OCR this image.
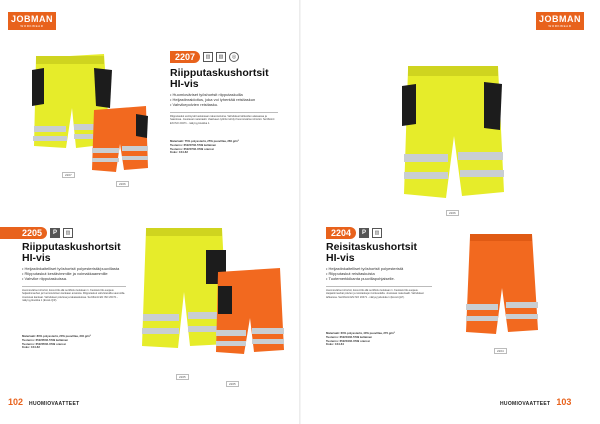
JOBMAN
WORKWEAR
2207
2206
2205	P	▥
Riipputaskushortsit
HI-vis
• Heijastinkaitelliset työshortsit polyesteristä/puuvillasta
• Riipputaskut kestävimmille ja voimakkaammille
• Vahvike riipputaskuissa.

Huomioväriset shortsit, Excel-CE-HE sertifioitu luokkaan 1. Kestävä CE-suojaus heijastinnauhan ja huomiovärisen kankaan ansiosta. Riipputaskut vahvistetuilla saumoilla. Joustavat kankaat. Vahvikkeet polvissa ja takataskuissa. Sertifiointi EN ISO 20471 - näkyvyysluokka 1 (Excel-Q/Z).

Materiaali: 80% polyesteriä, 20% puuvillaa, 340 g/m²
Tuotenro: 65220502-5799 keltainen
Tuotenro: 65220502-3799 oranssi
Koko: C44-62
2205
2205
102 HUOMIOVAATTEET
2207	▥	▧	◎
Riipputaskushortsit
HI-vis
• Huomioväriset työshortsit riipputaskuilla
• Heijastinraidoitus, joka voi lyhentää reisitaskun
• Vahvikepolvien reisitasku.

Riipputaskut esiintyvät keskiosaan rakennettuina. Vahvikkeet lahkeiden alaosassa ja haaroissa. Joustavat materiaalit. Vaativaan työhön tehdyt huomioväriset shortsit. Sertifiointi EN ISO 20471 - näkyvyysluokka 1.

Materiaali: 75% polyesteriä, 25% puuvillaa, 260 g/m²
Tuotenro: 65220702-5799 keltainen
Tuotenro: 65220702-3799 oranssi
Koko: C44-62
JOBMAN
WORKWEAR
2206
2204	P	▥
Reisitaskushortsit
HI-vis
• Heijastinkaitelliset työshortsit polyesteristä
• Riipputaskut reisitaskuista
• Tuotemerkkikanta puuvillapohjaiselle.

Huomioväriset shortsit, Excel-CE-HE sertifioitu luokkaan 1. Kestävä CE-suojaus. Heijastinnauhat polvien ja reisitaskujen korkeudella. Joustavat materiaalit. Vahvikkeet lahkeissa. Sertifiointi EN ISO 20471 - näkyvyysluokka 1 (Excel-Q/Z).

Materiaali: 60% polyesteriä, 40% puuvillaa, 270 g/m²
Tuotenro: 65220402-5799 keltainen
Tuotenro: 65220402-3799 oranssi
Koko: C44-64
2204
HUOMIOVAATTEET 103
